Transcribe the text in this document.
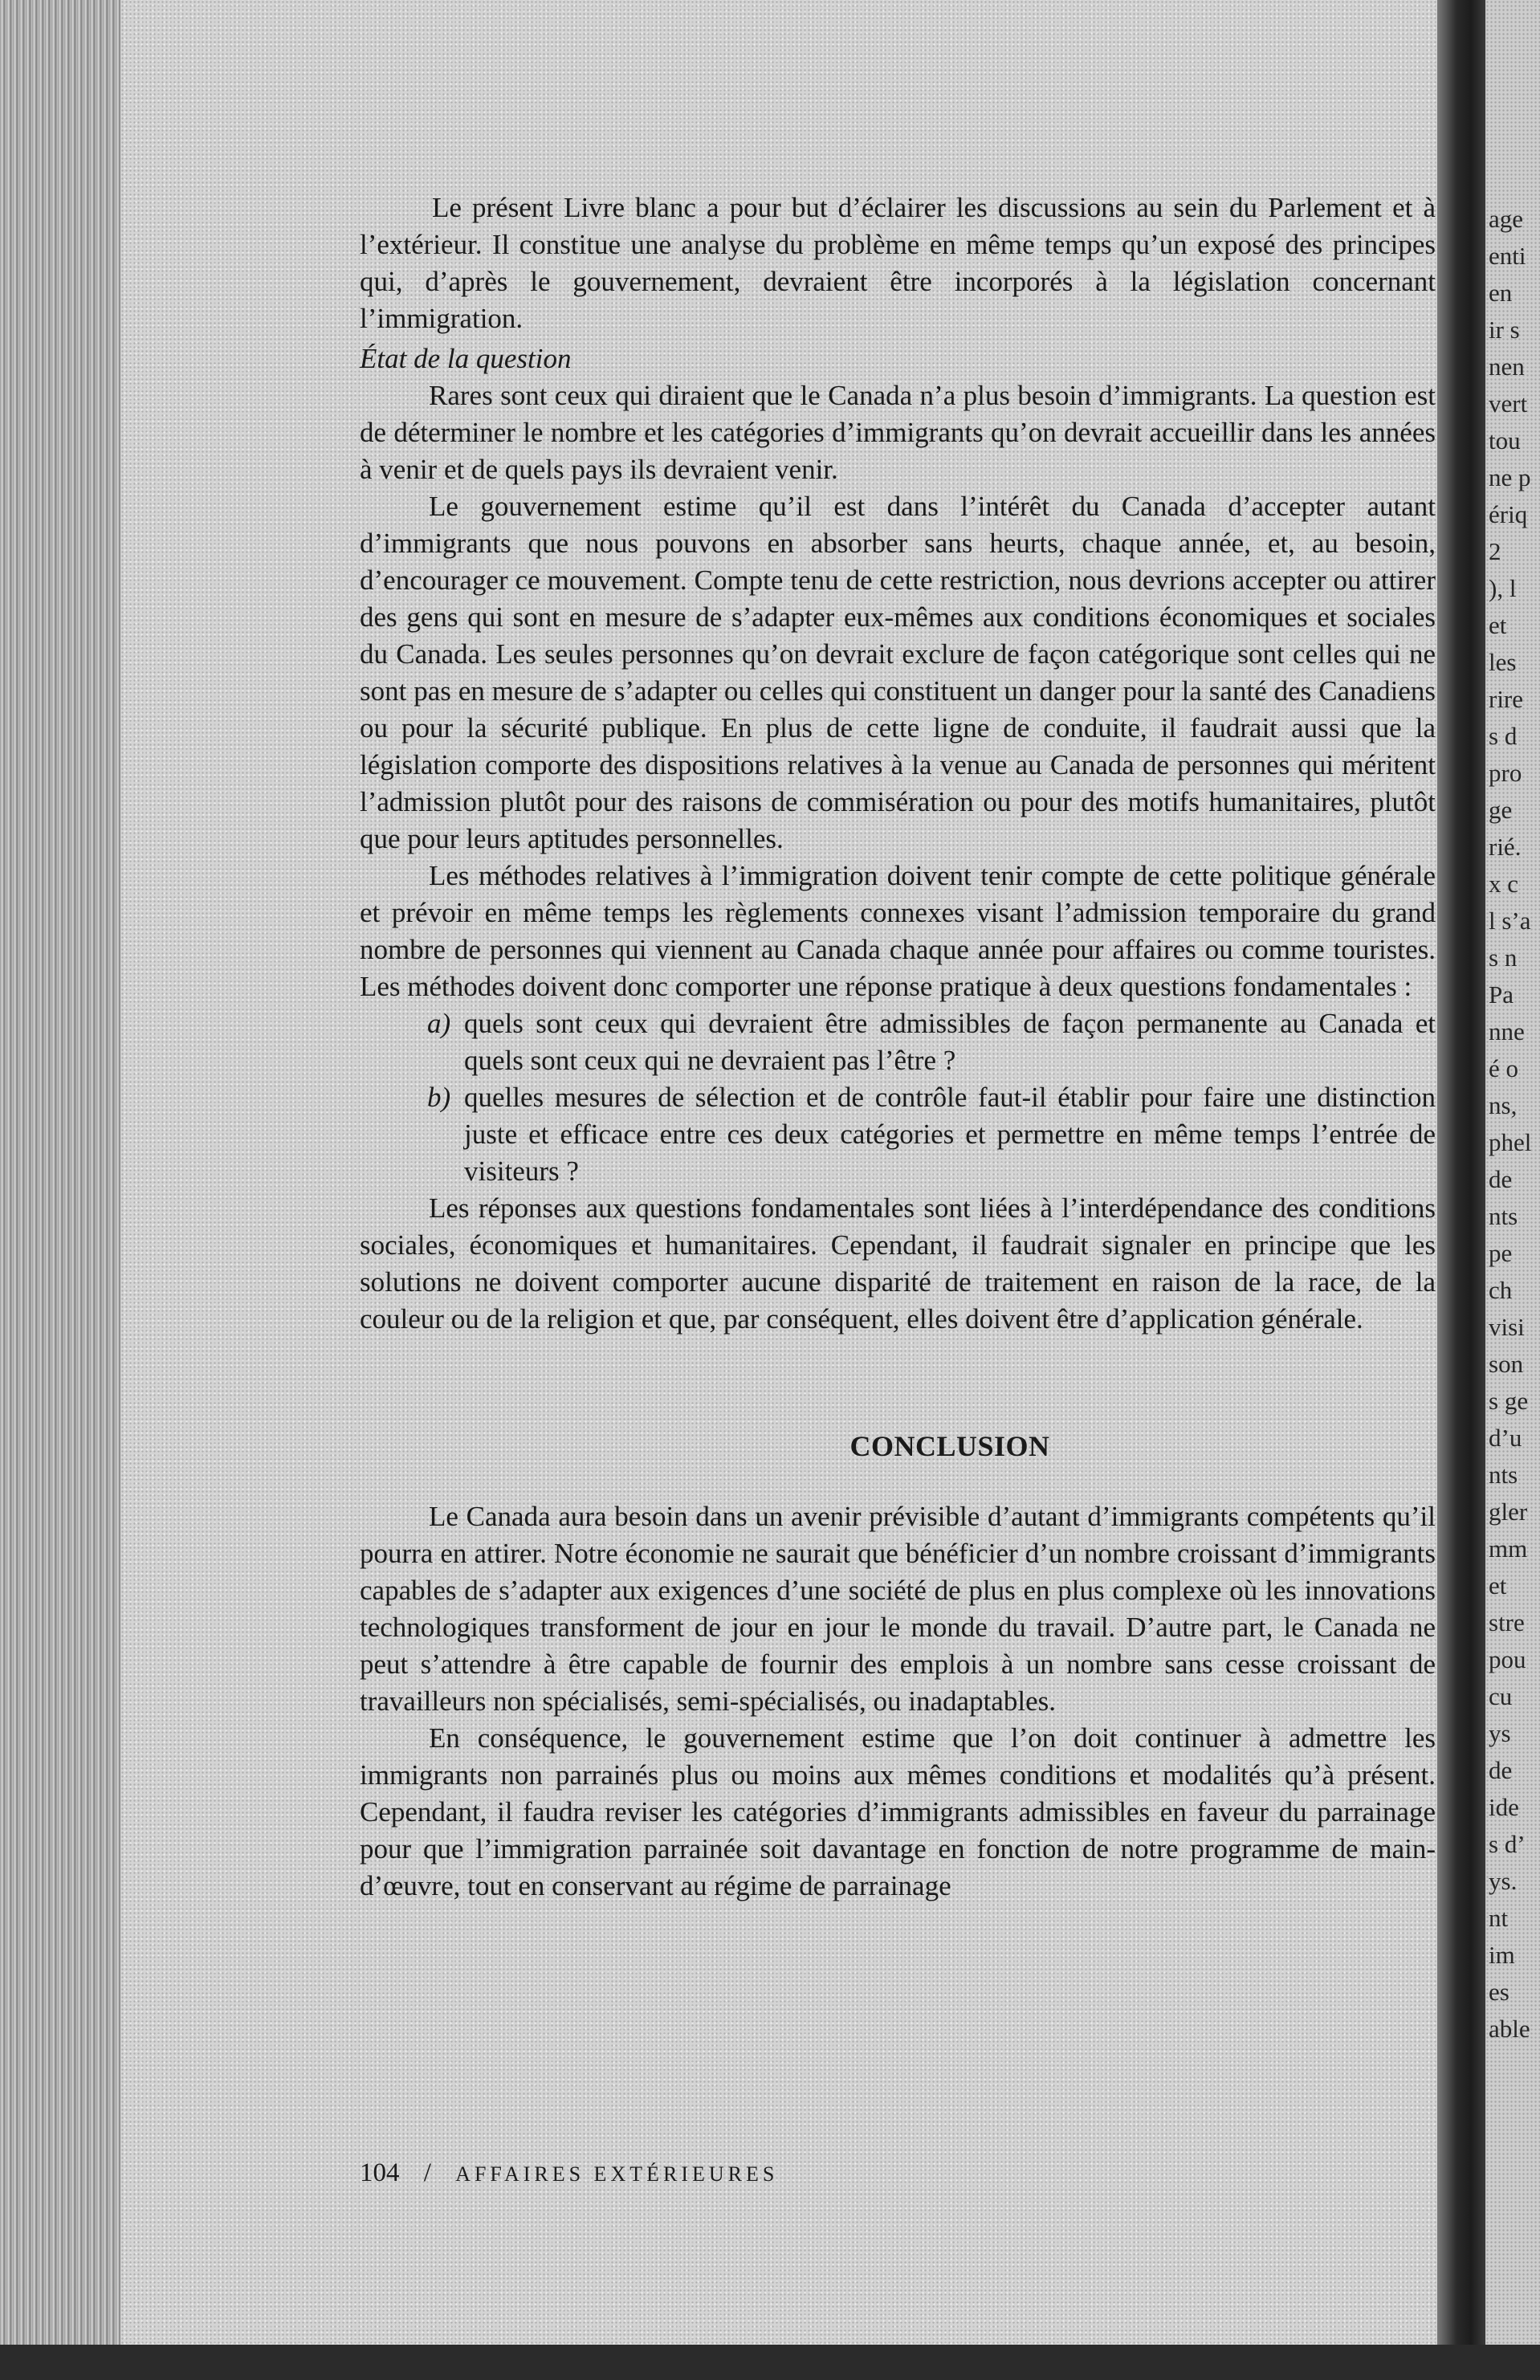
age
enti
en
ir s
nen
vert
tou
ne p
ériq
2
), l
et
les
rire
s d
pro
ge
rié.
x c
l s’a
s n
Pa
nne
é o
ns,
phel
de
nts
pe
ch
visi
son
s ge
d’u
nts
gler
mm
et
stre
pou
cu
ys
de
ide
s d’
ys.
nt
im
es
able

Le présent Livre blanc a pour but d’éclairer les discussions au sein du Parlement et à l’extérieur. Il constitue une analyse du problème en même temps qu’un exposé des principes qui, d’après le gouvernement, devraient être incorporés à la législation concernant l’immigration.

État de la question

Rares sont ceux qui diraient que le Canada n’a plus besoin d’immigrants. La question est de déterminer le nombre et les catégories d’immigrants qu’on devrait accueillir dans les années à venir et de quels pays ils devraient venir.

Le gouvernement estime qu’il est dans l’intérêt du Canada d’accepter autant d’immigrants que nous pouvons en absorber sans heurts, chaque année, et, au besoin, d’encourager ce mouvement. Compte tenu de cette restriction, nous devrions accepter ou attirer des gens qui sont en mesure de s’adapter eux-mêmes aux conditions économiques et sociales du Canada. Les seules personnes qu’on devrait exclure de façon catégorique sont celles qui ne sont pas en mesure de s’adapter ou celles qui constituent un danger pour la santé des Canadiens ou pour la sécurité publique. En plus de cette ligne de conduite, il faudrait aussi que la législation comporte des dispositions relatives à la venue au Canada de personnes qui méritent l’admission plutôt pour des raisons de commisération ou pour des motifs humanitaires, plutôt que pour leurs aptitudes personnelles.

Les méthodes relatives à l’immigration doivent tenir compte de cette politique générale et prévoir en même temps les règlements connexes visant l’admission temporaire du grand nombre de personnes qui viennent au Canada chaque année pour affaires ou comme touristes. Les méthodes doivent donc comporter une réponse pratique à deux questions fondamentales :

a) quels sont ceux qui devraient être admissibles de façon permanente au Canada et quels sont ceux qui ne devraient pas l’être ?
b) quelles mesures de sélection et de contrôle faut-il établir pour faire une distinction juste et efficace entre ces deux catégories et permettre en même temps l’entrée de visiteurs ?

Les réponses aux questions fondamentales sont liées à l’interdépendance des conditions sociales, économiques et humanitaires. Cependant, il faudrait signaler en principe que les solutions ne doivent comporter aucune disparité de traitement en raison de la race, de la couleur ou de la religion et que, par conséquent, elles doivent être d’application générale.

CONCLUSION

Le Canada aura besoin dans un avenir prévisible d’autant d’immigrants compétents qu’il pourra en attirer. Notre économie ne saurait que bénéficier d’un nombre croissant d’immigrants capables de s’adapter aux exigences d’une société de plus en plus complexe où les innovations technologiques transforment de jour en jour le monde du travail. D’autre part, le Canada ne peut s’attendre à être capable de fournir des emplois à un nombre sans cesse croissant de travailleurs non spécialisés, semi-spécialisés, ou inadaptables.

En conséquence, le gouvernement estime que l’on doit continuer à admettre les immigrants non parrainés plus ou moins aux mêmes conditions et modalités qu’à présent. Cependant, il faudra reviser les catégories d’immigrants admissibles en faveur du parrainage pour que l’immigration parrainée soit davantage en fonction de notre programme de main-d’œuvre, tout en conservant au régime de parrainage

104 / AFFAIRES EXTÉRIEURES
